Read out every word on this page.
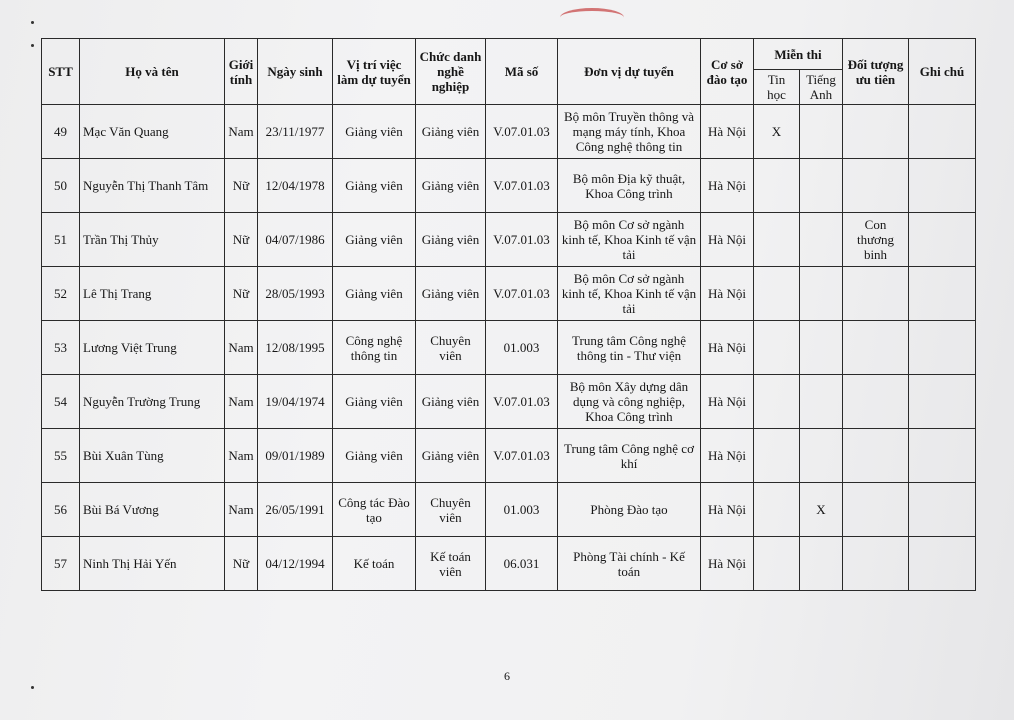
STT	Họ và tên	Giới tính	Ngày sinh	Vị trí việc làm dự tuyển	Chức danh nghề nghiệp	Mã số	Đơn vị dự tuyển	Cơ sở đào tạo	Miễn thi		Đối tượng ưu tiên	Ghi chú
									Tin học	Tiếng Anh		
49	Mạc Văn Quang	Nam	23/11/1977	Giảng viên	Giảng viên	V.07.01.03	Bộ môn Truyền thông và mạng máy tính, Khoa Công nghệ thông tin	Hà Nội	X			
50	Nguyễn Thị Thanh Tâm	Nữ	12/04/1978	Giảng viên	Giảng viên	V.07.01.03	Bộ môn Địa kỹ thuật, Khoa Công trình	Hà Nội				
51	Trần Thị Thủy	Nữ	04/07/1986	Giảng viên	Giảng viên	V.07.01.03	Bộ môn Cơ sở ngành kinh tế, Khoa Kinh tế vận tải	Hà Nội			Con thương binh	
52	Lê Thị Trang	Nữ	28/05/1993	Giảng viên	Giảng viên	V.07.01.03	Bộ môn Cơ sở ngành kinh tế, Khoa Kinh tế vận tải	Hà Nội				
53	Lương Việt Trung	Nam	12/08/1995	Công nghệ thông tin	Chuyên viên	01.003	Trung tâm Công nghệ thông tin - Thư viện	Hà Nội				
54	Nguyễn Trường Trung	Nam	19/04/1974	Giảng viên	Giảng viên	V.07.01.03	Bộ môn Xây dựng dân dụng và công nghiệp, Khoa Công trình	Hà Nội				
55	Bùi Xuân Tùng	Nam	09/01/1989	Giảng viên	Giảng viên	V.07.01.03	Trung tâm Công nghệ cơ khí	Hà Nội				
56	Bùi Bá Vương	Nam	26/05/1991	Công tác Đào tạo	Chuyên viên	01.003	Phòng Đào tạo	Hà Nội		X		
57	Ninh Thị Hải Yến	Nữ	04/12/1994	Kế toán	Kế toán viên	06.031	Phòng Tài chính - Kế toán	Hà Nội				
6
